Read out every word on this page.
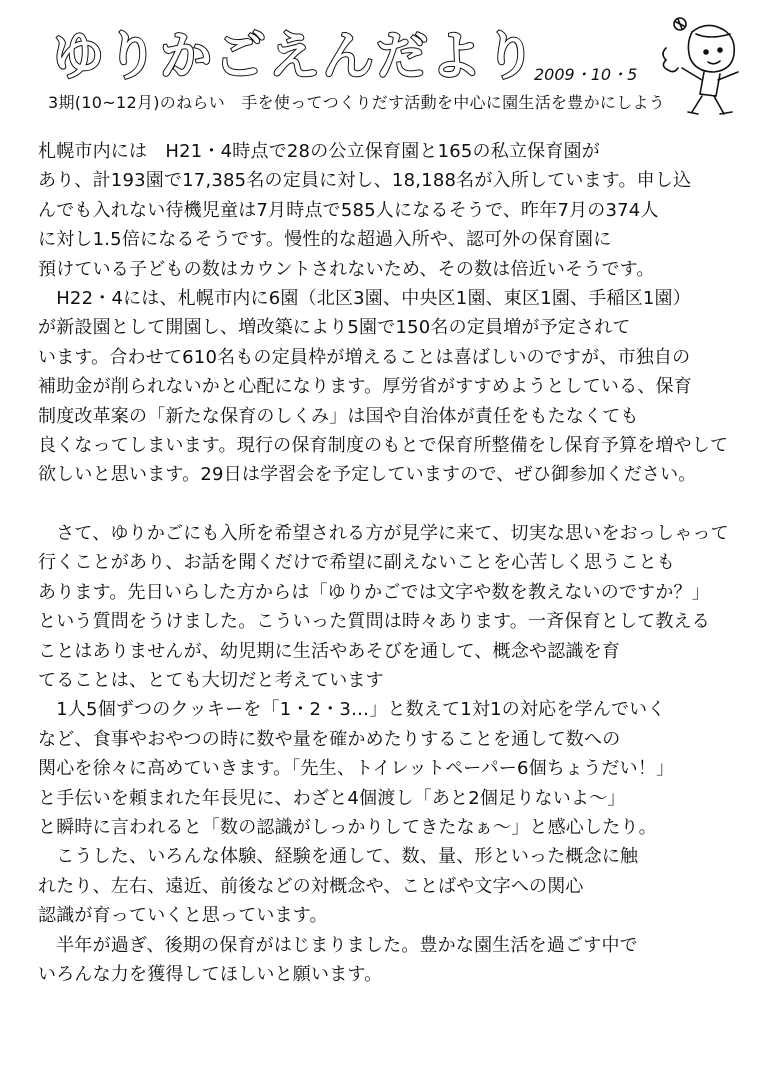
ゆりかごえんだより
2009・10・5
3期(10~12月)のねらい　手を使ってつくりだす活動を中心に園生活を豊かにしよう
札幌市内には　H21・4時点で28の公立保育園と165の私立保育園が
あり、計193園で17,385名の定員に対し、18,188名が入所しています。申し込
んでも入れない待機児童は7月時点で585人になるそうで、昨年7月の374人
に対し1.5倍になるそうです。慢性的な超過入所や、認可外の保育園に
預けている子どもの数はカウントされないため、その数は倍近いそうです。
　H22・4には、札幌市内に6園（北区3園、中央区1園、東区1園、手稲区1園）
が新設園として開園し、増改築により5園で150名の定員増が予定されて
います。合わせて610名もの定員枠が増えることは喜ばしいのですが、市独自の
補助金が削られないかと心配になります。厚労省がすすめようとしている、保育
制度改革案の「新たな保育のしくみ」は国や自治体が責任をもたなくても
良くなってしまいます。現行の保育制度のもとで保育所整備をし保育予算を増やして
欲しいと思います。29日は学習会を予定していますので、ぜひ御参加ください。
　さて、ゆりかごにも入所を希望される方が見学に来て、切実な思いをおっしゃって
行くことがあり、お話を聞くだけで希望に副えないことを心苦しく思うことも
あります。先日いらした方からは「ゆりかごでは文字や数を教えないのですか？」
という質問をうけました。こういった質問は時々あります。一斉保育として教える
ことはありませんが、幼児期に生活やあそびを通して、概念や認識を育
てることは、とても大切だと考えています
　1人5個ずつのクッキーを「1・2・3…」と数えて1対1の対応を学んでいく
など、食事やおやつの時に数や量を確かめたりすることを通して数への
関心を徐々に高めていきます。「先生、トイレットペーパー6個ちょうだい！」
と手伝いを頼まれた年長児に、わざと4個渡し「あと2個足りないよ～」
と瞬時に言われると「数の認識がしっかりしてきたなぁ～」と感心したり。
　こうした、いろんな体験、経験を通して、数、量、形といった概念に触
れたり、左右、遠近、前後などの対概念や、ことばや文字への関心
認識が育っていくと思っています。
　半年が過ぎ、後期の保育がはじまりました。豊かな園生活を過ごす中で
いろんな力を獲得してほしいと願います。
